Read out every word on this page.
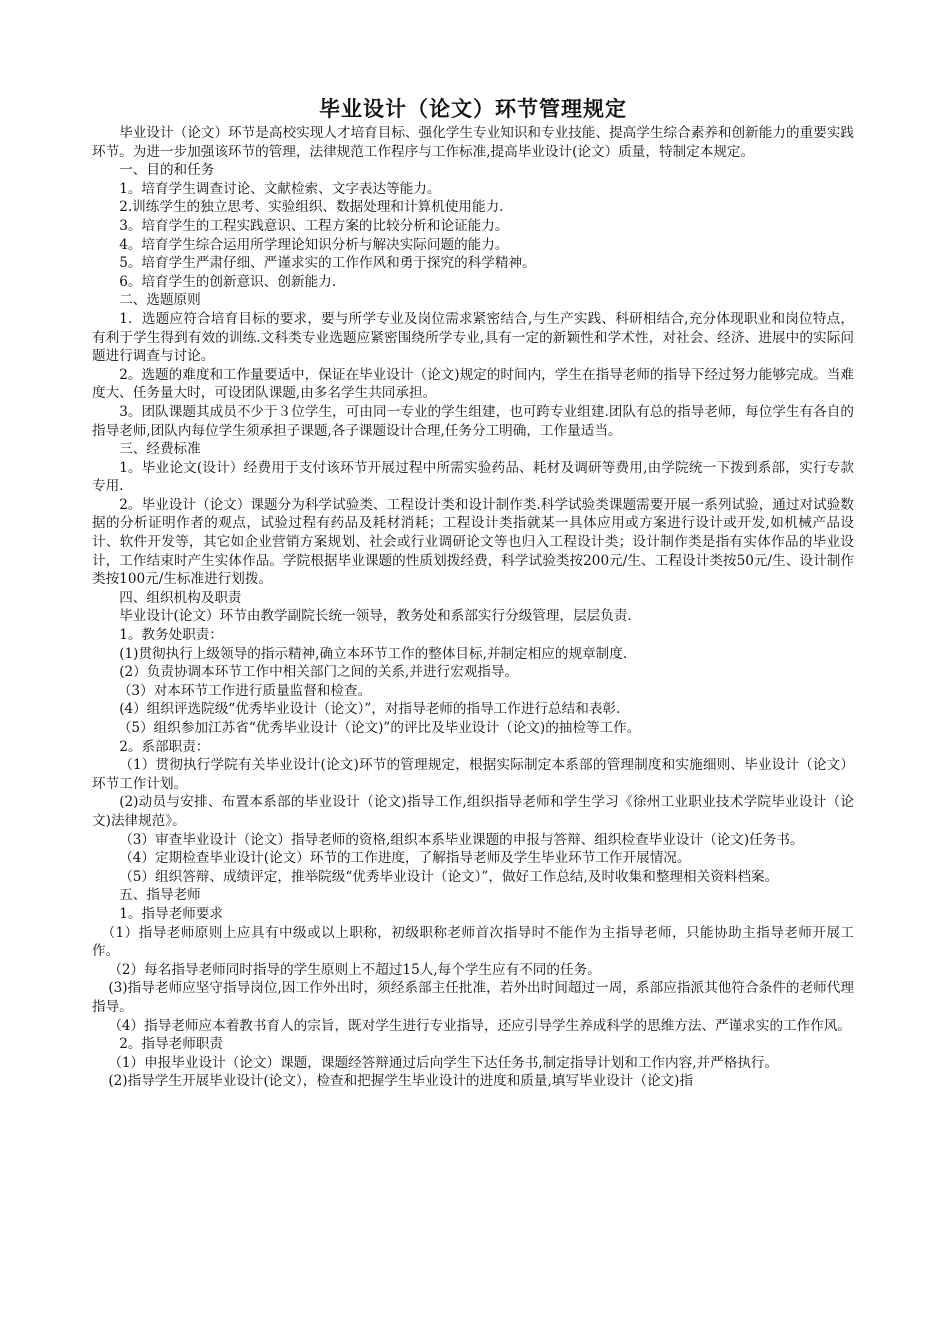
毕业设计（论文）环节管理规定

毕业设计（论文）环节是高校实现人才培育目标、强化学生专业知识和专业技能、提高学生综合素养和创新能力的重要实践环节。为进一步加强该环节的管理，法律规范工作程序与工作标准,提高毕业设计(论文）质量，特制定本规定。

一、目的和任务

1。培育学生调查讨论、文献检索、文字表达等能力。

2.训练学生的独立思考、实验组织、数据处理和计算机使用能力.

3。培育学生的工程实践意识、工程方案的比较分析和论证能力。

4。培育学生综合运用所学理论知识分析与解决实际问题的能力。

5。培育学生严肃仔细、严谨求实的工作作风和勇于探究的科学精神。

6。培育学生的创新意识、创新能力.

二、选题原则

1．选题应符合培育目标的要求，要与所学专业及岗位需求紧密结合,与生产实践、科研相结合,充分体现职业和岗位特点，有利于学生得到有效的训练.文科类专业选题应紧密围绕所学专业,具有一定的新颖性和学术性，对社会、经济、进展中的实际问题进行调查与讨论。

2。选题的难度和工作量要适中，保证在毕业设计（论文)规定的时间内，学生在指导老师的指导下经过努力能够完成。当难度大、任务量大时，可设团队课题,由多名学生共同承担。

3。团队课题其成员不少于３位学生，可由同一专业的学生组建，也可跨专业组建.团队有总的指导老师，每位学生有各自的指导老师,团队内每位学生须承担子课题,各子课题设计合理,任务分工明确，工作量适当。

三、经费标准

1。毕业论文(设计）经费用于支付该环节开展过程中所需实验药品、耗材及调研等费用,由学院统一下拨到系部，实行专款专用.

2。毕业设计（论文）课题分为科学试验类、工程设计类和设计制作类.科学试验类课题需要开展一系列试验，通过对试验数据的分析证明作者的观点，试验过程有药品及耗材消耗；工程设计类指就某一具体应用或方案进行设计或开发,如机械产品设计、软件开发等，其它如企业营销方案规划、社会或行业调研论文等也归入工程设计类；设计制作类是指有实体作品的毕业设计，工作结束时产生实体作品。学院根据毕业课题的性质划拨经费，科学试验类按200元/生、工程设计类按50元/生、设计制作类按100元/生标准进行划拨。

四、组织机构及职责

毕业设计(论文）环节由教学副院长统一领导，教务处和系部实行分级管理，层层负责.

1。教务处职责：

(1)贯彻执行上级领导的指示精神,确立本环节工作的整体目标,并制定相应的规章制度.

(2）负责协调本环节工作中相关部门之间的关系,并进行宏观指导。

（3）对本环节工作进行质量监督和检查。

(4）组织评选院级“优秀毕业设计（论文）”，对指导老师的指导工作进行总结和表彰.

（5）组织参加江苏省“优秀毕业设计（论文)”的评比及毕业设计（论文)的抽检等工作。

2。系部职责：

（1）贯彻执行学院有关毕业设计(论文)环节的管理规定，根据实际制定本系部的管理制度和实施细则、毕业设计（论文）环节工作计划。

(2)动员与安排、布置本系部的毕业设计（论文)指导工作,组织指导老师和学生学习《徐州工业职业技术学院毕业设计（论文)法律规范》。

（3）审查毕业设计（论文）指导老师的资格,组织本系毕业课题的申报与答辩、组织检查毕业设计（论文)任务书。

（4）定期检查毕业设计(论文）环节的工作进度，了解指导老师及学生毕业环节工作开展情况。

（5）组织答辩、成绩评定，推举院级“优秀毕业设计（论文）”，做好工作总结,及时收集和整理相关资料档案。

五、指导老师

1。指导老师要求

（1）指导老师原则上应具有中级或以上职称，初级职称老师首次指导时不能作为主指导老师，只能协助主指导老师开展工作。

（2）每名指导老师同时指导的学生原则上不超过15人,每个学生应有不同的任务。

(3)指导老师应坚守指导岗位,因工作外出时，须经系部主任批准，若外出时间超过一周，系部应指派其他符合条件的老师代理指导。

（4）指导老师应本着教书育人的宗旨，既对学生进行专业指导，还应引导学生养成科学的思维方法、严谨求实的工作作风。

2。指导老师职责

（1）申报毕业设计（论文）课题，课题经答辩通过后向学生下达任务书,制定指导计划和工作内容,并严格执行。

(2)指导学生开展毕业设计(论文），检查和把握学生毕业设计的进度和质量,填写毕业设计（论文)指
